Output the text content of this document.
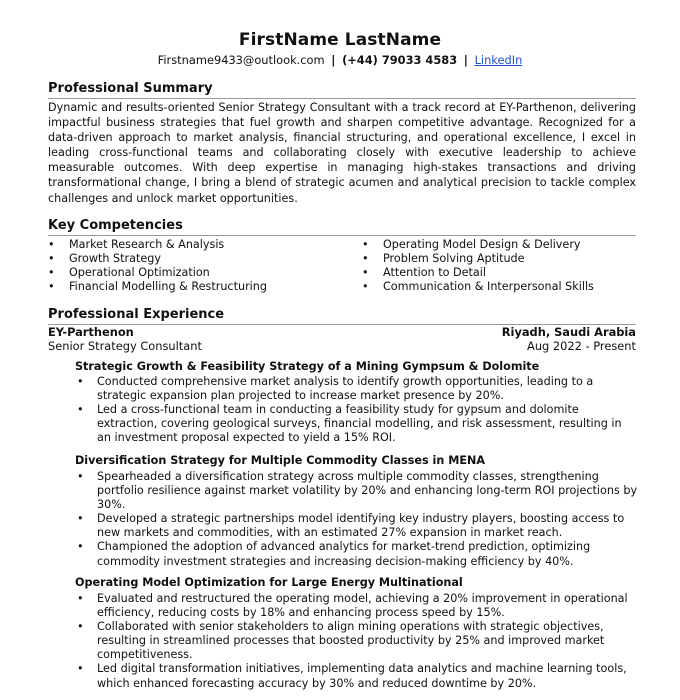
FirstName LastName
Firstname9433@outlook.com | (+44) 79033 4583 | LinkedIn
Professional Summary

Dynamic and results-oriented Senior Strategy Consultant with a track record at EY-Parthenon, delivering impactful business strategies that fuel growth and sharpen competitive advantage. Recognized for a data-driven approach to market analysis, financial structuring, and operational excellence, I excel in leading cross-functional teams and collaborating closely with executive leadership to achieve measurable outcomes. With deep expertise in managing high-stakes transactions and driving transformational change, I bring a blend of strategic acumen and analytical precision to tackle complex challenges and unlock market opportunities.

Key Competencies
• Market Research & Analysis
• Growth Strategy
• Operational Optimization
• Financial Modelling & Restructuring
• Operating Model Design & Delivery
• Problem Solving Aptitude
• Attention to Detail
• Communication & Interpersonal Skills
Professional Experience
EY-Parthenon	Riyadh, Saudi Arabia
Senior Strategy Consultant	Aug 2022 - Present
Strategic Growth & Feasibility Strategy of a Mining Gympsum & Dolomite
• Conducted comprehensive market analysis to identify growth opportunities, leading to a strategic expansion plan projected to increase market presence by 20%.
• Led a cross-functional team in conducting a feasibility study for gypsum and dolomite extraction, covering geological surveys, financial modelling, and risk assessment, resulting in an investment proposal expected to yield a 15% ROI.
Diversification Strategy for Multiple Commodity Classes in MENA
• Spearheaded a diversification strategy across multiple commodity classes, strengthening portfolio resilience against market volatility by 20% and enhancing long-term ROI projections by 30%.
• Developed a strategic partnerships model identifying key industry players, boosting access to new markets and commodities, with an estimated 27% expansion in market reach.
• Championed the adoption of advanced analytics for market-trend prediction, optimizing commodity investment strategies and increasing decision-making efficiency by 40%.
Operating Model Optimization for Large Energy Multinational
• Evaluated and restructured the operating model, achieving a 20% improvement in operational efficiency, reducing costs by 18% and enhancing process speed by 15%.
• Collaborated with senior stakeholders to align mining operations with strategic objectives, resulting in streamlined processes that boosted productivity by 25% and improved market competitiveness.
• Led digital transformation initiatives, implementing data analytics and machine learning tools, which enhanced forecasting accuracy by 30% and reduced downtime by 20%.
